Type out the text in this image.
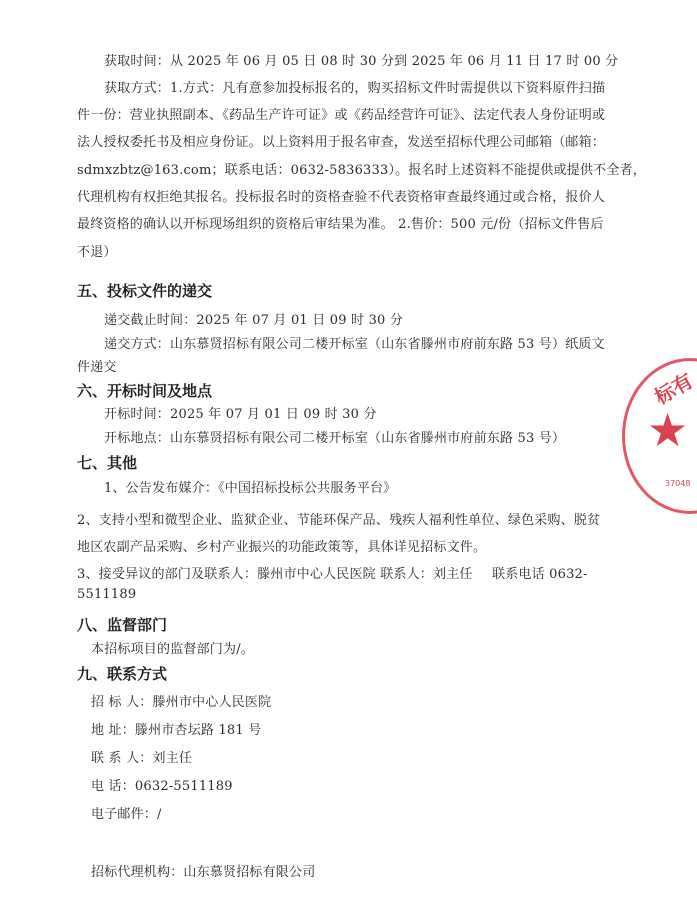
获取时间：从 2025 年 06 月 05 日 08 时 30 分到 2025 年 06 月 11 日 17 时 00 分
获取方式：1.方式：凡有意参加投标报名的，购买招标文件时需提供以下资料原件扫描
件一份：营业执照副本、《药品生产许可证》或《药品经营许可证》、法定代表人身份证明或
法人授权委托书及相应身份证。以上资料用于报名审查，发送至招标代理公司邮箱（邮箱：
sdmxzbtz@163.com；联系电话：0632-5836333）。报名时上述资料不能提供或提供不全者，
代理机构有权拒绝其报名。投标报名时的资格查验不代表资格审查最终通过或合格，报价人
最终资格的确认以开标现场组织的资格后审结果为准。 2.售价：500 元/份（招标文件售后
不退）
五、投标文件的递交
递交截止时间：2025 年 07 月 01 日 09 时 30 分
递交方式：山东慕贤招标有限公司二楼开标室（山东省滕州市府前东路 53 号）纸质文
件递交
六、开标时间及地点
开标时间：2025 年 07 月 01 日 09 时 30 分
开标地点：山东慕贤招标有限公司二楼开标室（山东省滕州市府前东路 53 号）
七、其他
1、公告发布媒介：《中国招标投标公共服务平台》
2、支持小型和微型企业、监狱企业、节能环保产品、残疾人福利性单位、绿色采购、脱贫
地区农副产品采购、乡村产业振兴的功能政策等，具体详见招标文件。
3、接受异议的部门及联系人：滕州市中心人民医院 联系人：刘主任 联系电话 0632-
5511189
八、监督部门
本招标项目的监督部门为/。
九、联系方式
招 标 人：滕州市中心人民医院
地 址：滕州市杏坛路 181 号
联 系 人：刘主任
电 话：0632-5511189
电子邮件：/
招标代理机构：山东慕贤招标有限公司
标有
★
37048
